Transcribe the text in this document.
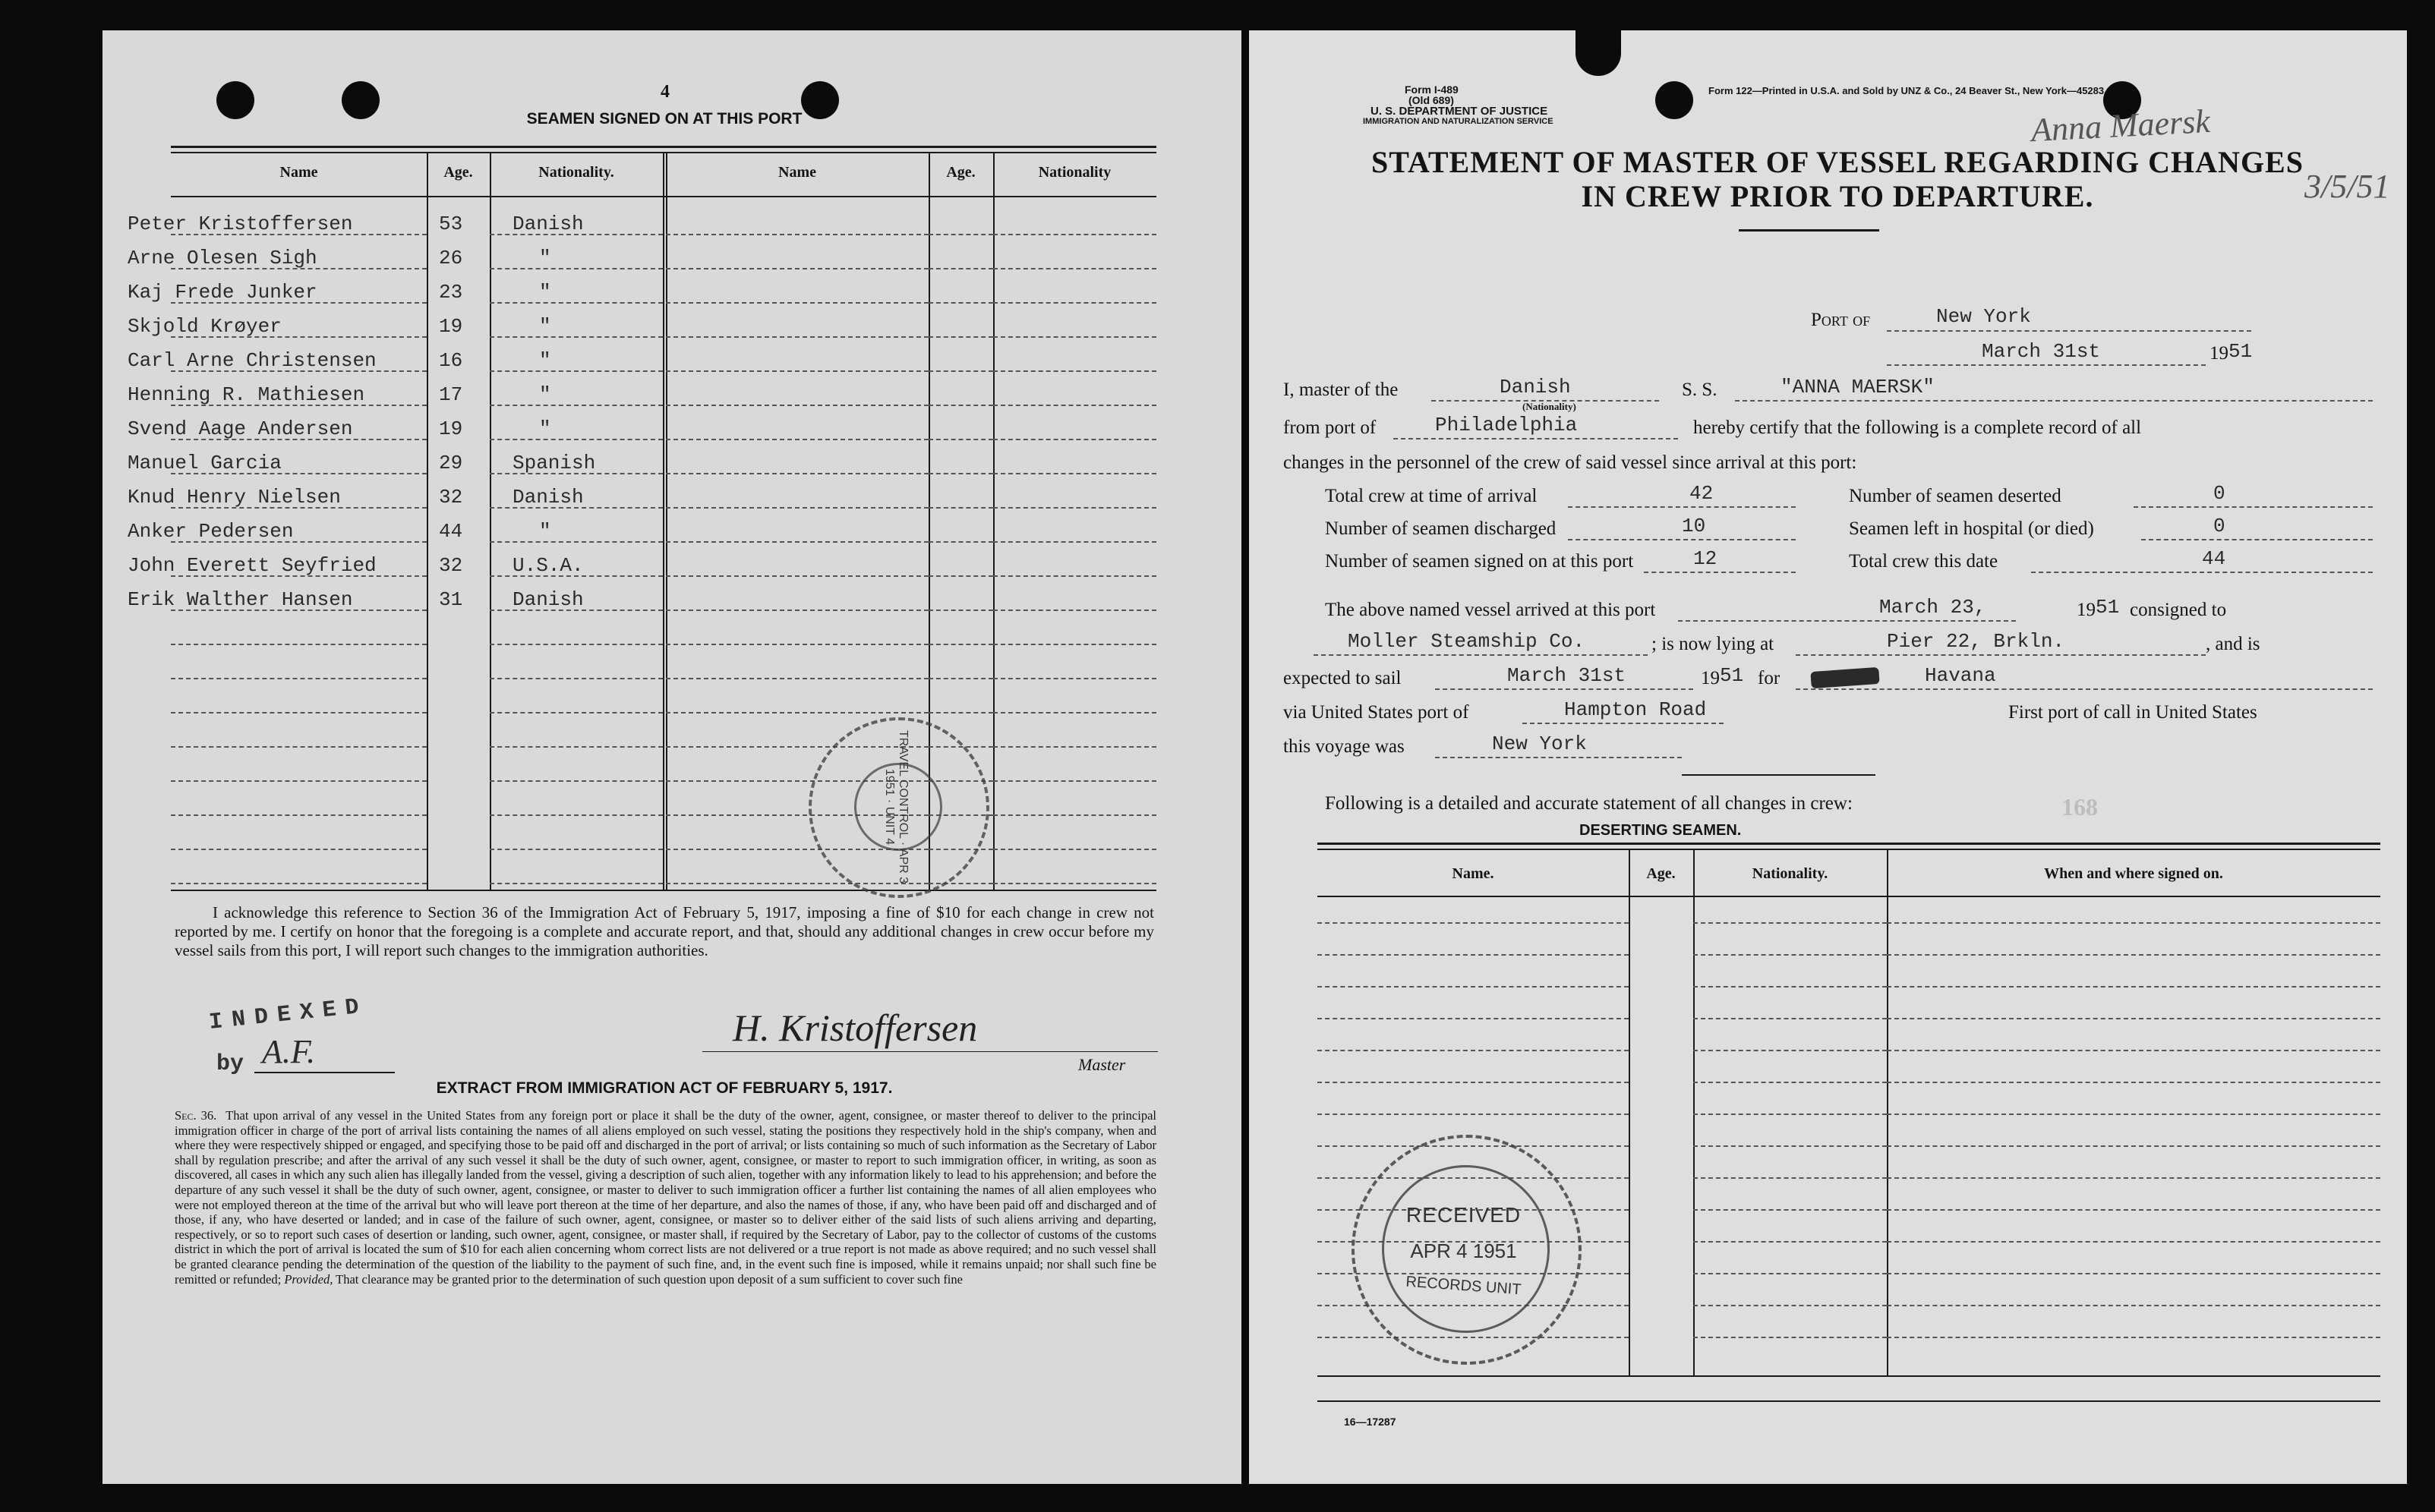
4
SEAMEN SIGNED ON AT THIS PORT
Name	Age.	Nationality.	Name	Age.	Nationality
Peter Kristoffersen	53	Danish
Arne Olesen Sigh	26	"
Kaj Frede Junker	23	"
Skjold Krøyer	19	"
Carl Arne Christensen	16	"
Henning R. Mathiesen	17	"
Svend Aage Andersen	19	"
Manuel Garcia	29	Spanish
Knud Henry Nielsen	32	Danish
Anker Pedersen	44	"
John Everett Seyfried	32	U.S.A.
Erik Walther Hansen	31	Danish
TRAVEL CONTROL · APR 3 1951 · UNIT 4
I acknowledge this reference to Section 36 of the Immigration Act of February 5, 1917, imposing a fine of $10 for each change in crew not reported by me. I certify on honor that the foregoing is a complete and accurate report, and that, should any additional changes in crew occur before my vessel sails from this port, I will report such changes to the immigration authorities.
INDEXED
by A.F.
H. Kristoffersen
Master
EXTRACT FROM IMMIGRATION ACT OF FEBRUARY 5, 1917.
Sec. 36. That upon arrival of any vessel in the United States from any foreign port or place it shall be the duty of the owner, agent, consignee, or master thereof to deliver to the principal immigration officer in charge of the port of arrival lists containing the names of all aliens employed on such vessel, stating the positions they respectively hold in the ship's company, when and where they were respectively shipped or engaged, and specifying those to be paid off and discharged in the port of arrival; or lists containing so much of such information as the Secretary of Labor shall by regulation prescribe; and after the arrival of any such vessel it shall be the duty of such owner, agent, consignee, or master to report to such immigration officer, in writing, as soon as discovered, all cases in which any such alien has illegally landed from the vessel, giving a description of such alien, together with any information likely to lead to his apprehension; and before the departure of any such vessel it shall be the duty of such owner, agent, consignee, or master to deliver to such immigration officer a further list containing the names of all alien employees who were not employed thereon at the time of the arrival but who will leave port thereon at the time of her departure, and also the names of those, if any, who have been paid off and discharged and of those, if any, who have deserted or landed; and in case of the failure of such owner, agent, consignee, or master so to deliver either of the said lists of such aliens arriving and departing, respectively, or so to report such cases of desertion or landing, such owner, agent, consignee, or master shall, if required by the Secretary of Labor, pay to the collector of customs of the customs district in which the port of arrival is located the sum of $10 for each alien concerning whom correct lists are not delivered or a true report is not made as above required; and no such vessel shall be granted clearance pending the determination of the question of the liability to the payment of such fine, and, in the event such fine is imposed, while it remains unpaid; nor shall such fine be remitted or refunded; Provided, That clearance may be granted prior to the determination of such question upon deposit of a sum sufficient to cover such fine
Form I-489
(Old 689)
U. S. DEPARTMENT OF JUSTICE
IMMIGRATION AND NATURALIZATION SERVICE
Form 122—Printed in U.S.A. and Sold by UNZ & Co., 24 Beaver St., New York—45283
Anna Maersk
3/5/51
STATEMENT OF MASTER OF VESSEL REGARDING CHANGES
IN CREW PRIOR TO DEPARTURE.
Port of	New York
March 31st	19 51
I, master of the	Danish
(Nationality)
S. S.	"ANNA MAERSK"
from port of	Philadelphia	hereby certify that the following is a complete record of all
changes in the personnel of the crew of said vessel since arrival at this port:
Total crew at time of arrival	42	Number of seamen deserted	0
Number of seamen discharged	10	Seamen left in hospital (or died)	0
Number of seamen signed on at this port	12	Total crew this date	44
The above named vessel arrived at this port	March 23,	19 51 consigned to
Moller Steamship Co.	; is now lying at	Pier 22, Brkln.	, and is
expected to sail	March 31st	19 51 for	Havana
via United States port of	Hampton Road	First port of call in United States
this voyage was	New York
Following is a detailed and accurate statement of all changes in crew:	168
DESERTING SEAMEN.
Name.	Age.	Nationality.	When and where signed on.
RECEIVED
APR 4 1951
RECORDS UNIT
16—17287
